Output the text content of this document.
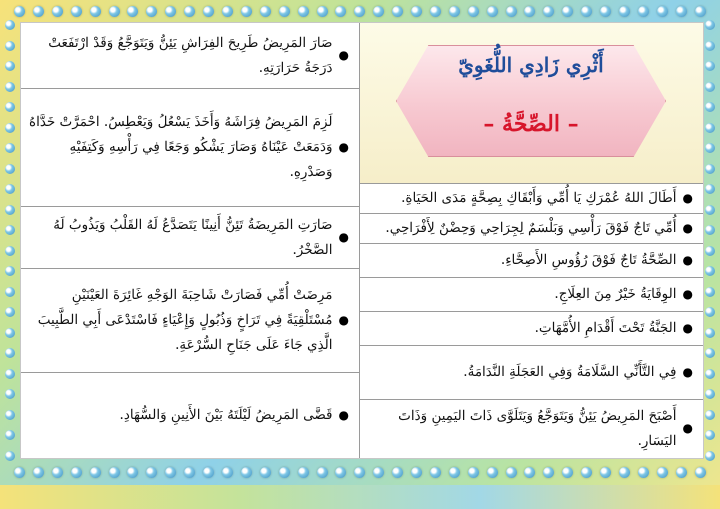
●
صَارَ المَرِيضُ طَرِيحَ الفِرَاشِ يَئِنُّ وَيَتَوَجَّعُ وَقَدْ ارْتَفَعَتْ دَرَجَةُ حَرَارَتِهِ.
●
لَزِمَ المَرِيضُ فِرَاشَهُ وَأَخَذَ يَسْعُلُ وَيَعْطِسُ. احْمَرَّتْ خَدَّاهُ وَدَمَعَتْ عَيْنَاهُ وَصَارَ يَشْكُو وَجَعًا فِي رَأْسِهِ وَكَتِفَيْهِ وَصَدْرِهِ.
●
صَارَتِ المَرِيضَةُ تَئِنُّ أَنِينًا يَتَصَدَّعُ لَهُ القَلْبُ وَيَذُوبُ لَهُ الصَّخْرُ.
●
مَرِضَتْ أُمِّي فَصَارَتْ شَاحِبَةَ الوَجْهِ غَائِرَةَ العَيْنَيْنِ مُسْتَلْقِيَةً فِي تَرَاخٍ وَذُبُولٍ وَإِعْيَاءٍ فَاسْتَدْعَى أَبِي الطَّبِيبَ الَّذِي جَاءَ عَلَى جَنَاحِ السُّرْعَةِ.
●
قَضَّى المَرِيضُ لَيْلَتَهُ بَيْنَ الأَنِينِ وَالسُّهَادِ.
أَثْرِي زَادِي اللُّغَوِيّ
– الصِّحَّةُ –
●
أَطَالَ اللهُ عُمْرَكِ يَا أُمِّي وَأَبْقَاكِ بِصِحَّةٍ مَدَى الحَيَاةِ.
●
أُمِّي تَاجٌ فَوْقَ رَأْسِي وَبَلْسَمٌ لِجِرَاحِي وَحِضْنٌ لِأَفْرَاحِي.
●
الصِّحَّةُ تَاجٌ فَوْقَ رُؤُوسِ الأَصِحَّاءِ.
●
الوِقَايَةُ خَيْرٌ مِنَ العِلَاجِ.
●
الجَنَّةُ تَحْتَ أَقْدَامِ الأُمَّهَاتِ.
●
فِي التَّأَنِّي السَّلَامَةُ وَفِي العَجَلَةِ النَّدَامَةُ.
●
أَصْبَحَ المَرِيضُ يَئِنُّ وَيَتَوَجَّعُ وَيَتَلَوَّى ذَاتَ اليَمِينِ وَذَاتَ اليَسَارِ.
